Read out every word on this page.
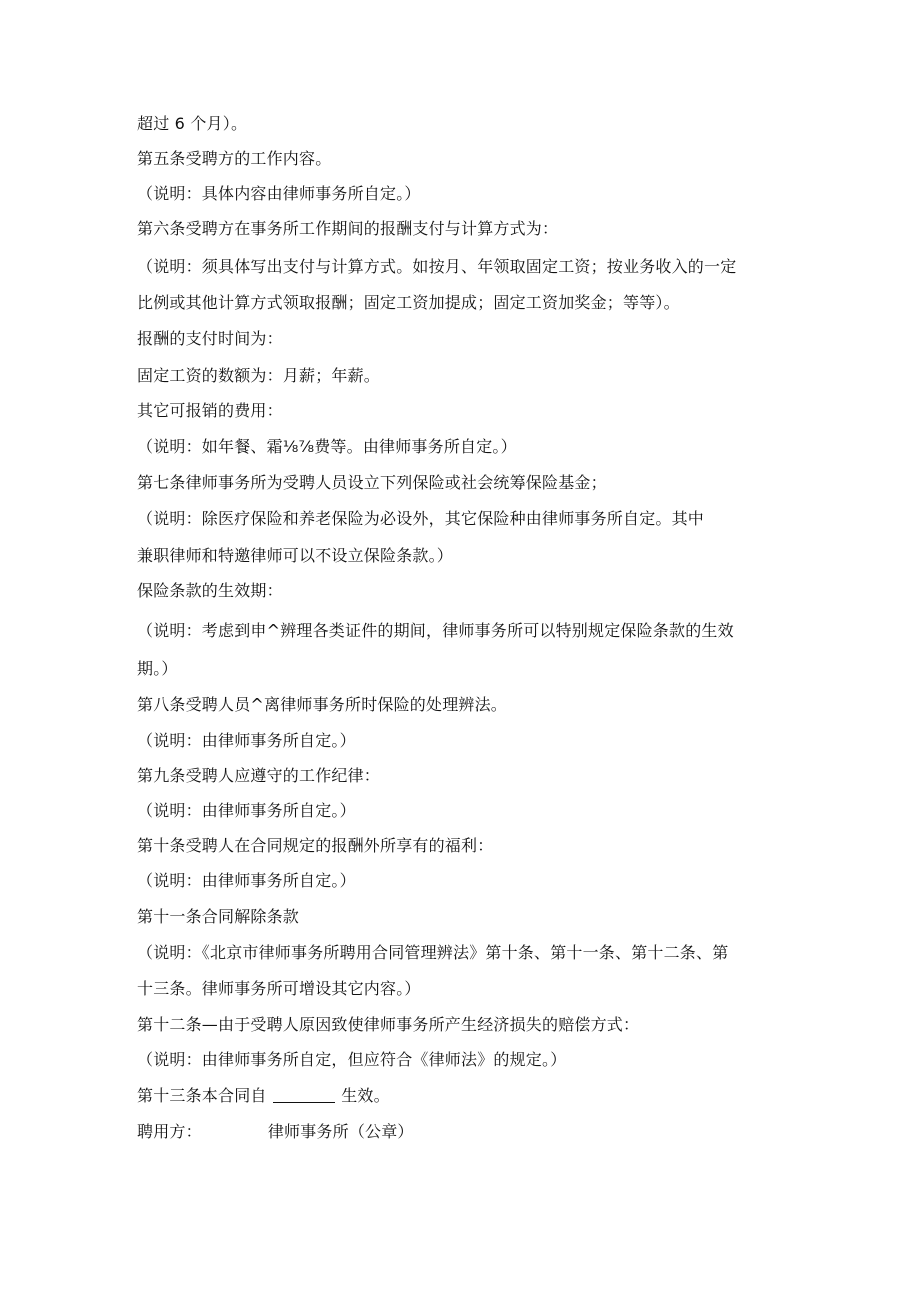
超过 6 个月）。
第五条受聘方的工作内容。
（说明：具体内容由律师事务所自定。）
第六条受聘方在事务所工作期间的报酬支付与计算方式为：
（说明：须具体写出支付与计算方式。如按月、年领取固定工资；按业务收入的一定
比例或其他计算方式领取报酬；固定工资加提成；固定工资加奖金；等等）。
报酬的支付时间为：
固定工资的数额为：月薪；年薪。
其它可报销的费用：
（说明：如年餐、霜⅛⅞费等。由律师事务所自定。）
第七条律师事务所为受聘人员设立下列保险或社会统筹保险基金；
（说明：除医疗保险和养老保险为必设外，其它保险种由律师事务所自定。其中
兼职律师和特邀律师可以不设立保险条款。）
保险条款的生效期：
（说明：考虑到申^辨理各类证件的期间，律师事务所可以特别规定保险条款的生效
期。）
第八条受聘人员^离律师事务所时保险的处理辨法。
（说明：由律师事务所自定。）
第九条受聘人应遵守的工作纪律：
（说明：由律师事务所自定。）
第十条受聘人在合同规定的报酬外所享有的福利：
（说明：由律师事务所自定。）
第十一条合同解除条款
（说明：《北京市律师事务所聘用合同管理辨法》第十条、第十一条、第十二条、第
十三条。律师事务所可增设其它内容。）
第十二条—由于受聘人原因致使律师事务所产生经济损失的赔偿方式：
（说明：由律师事务所自定，但应符合《律师法》的规定。）
第十三条本合同自	生效。
聘用方：	律师事务所（公章）
